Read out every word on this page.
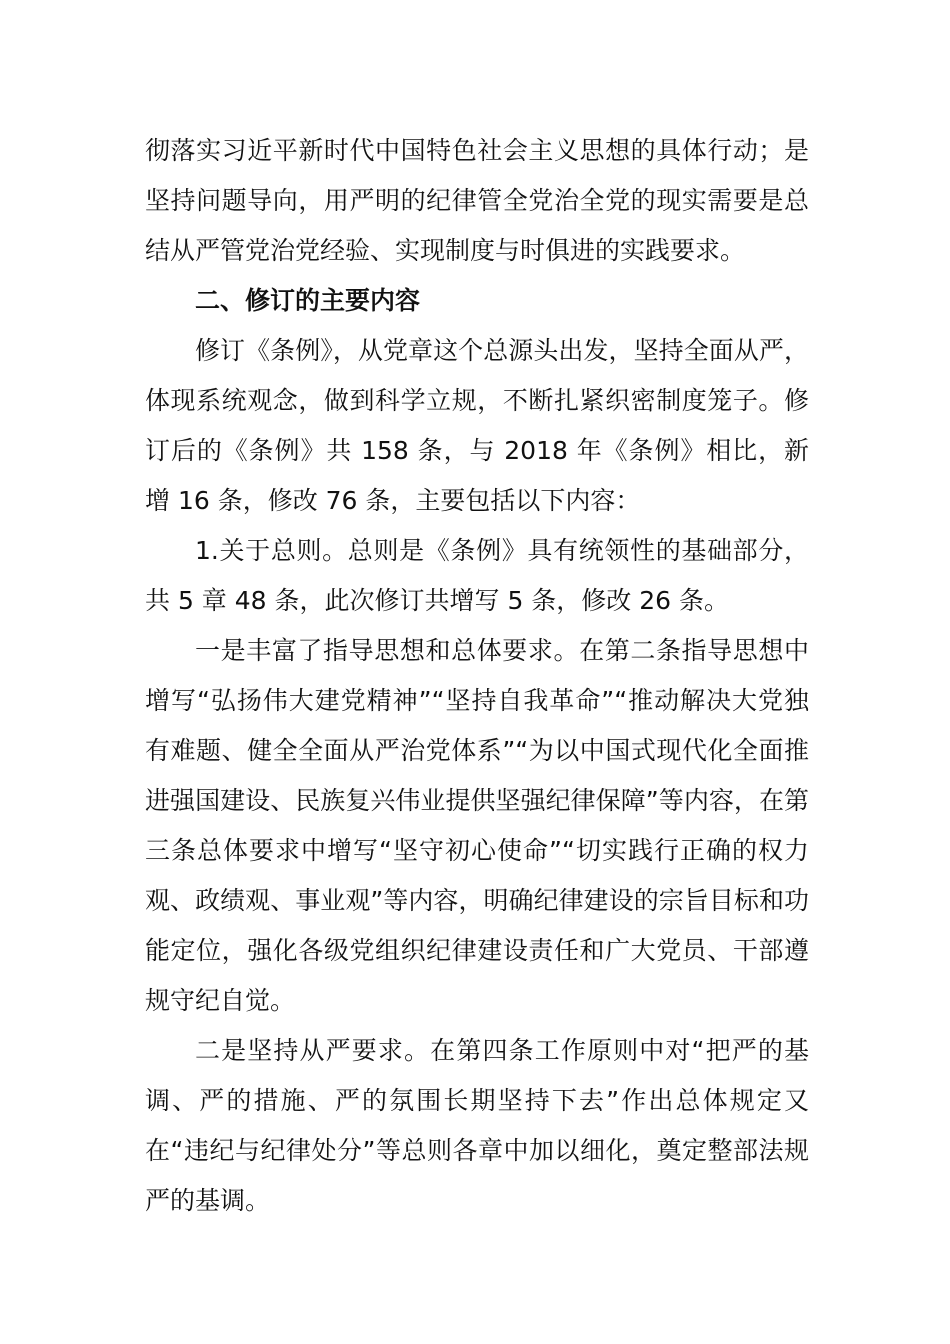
彻落实习近平新时代中国特色社会主义思想的具体行动；是坚持问题导向，用严明的纪律管全党治全党的现实需要是总结从严管党治党经验、实现制度与时俱进的实践要求。

二、修订的主要内容

修订《条例》，从党章这个总源头出发，坚持全面从严，体现系统观念，做到科学立规，不断扎紧织密制度笼子。修订后的《条例》共 158 条，与 2018 年《条例》相比，新增 16 条，修改 76 条，主要包括以下内容：

1.关于总则。总则是《条例》具有统领性的基础部分，共 5 章 48 条，此次修订共增写 5 条，修改 26 条。

一是丰富了指导思想和总体要求。在第二条指导思想中增写“弘扬伟大建党精神”“坚持自我革命”“推动解决大党独有难题、健全全面从严治党体系”“为以中国式现代化全面推进强国建设、民族复兴伟业提供坚强纪律保障”等内容，在第三条总体要求中增写“坚守初心使命”“切实践行正确的权力观、政绩观、事业观”等内容，明确纪律建设的宗旨目标和功能定位，强化各级党组织纪律建设责任和广大党员、干部遵规守纪自觉。

二是坚持从严要求。在第四条工作原则中对“把严的基调、严的措施、严的氛围长期坚持下去”作出总体规定又在“违纪与纪律处分”等总则各章中加以细化，奠定整部法规严的基调。
